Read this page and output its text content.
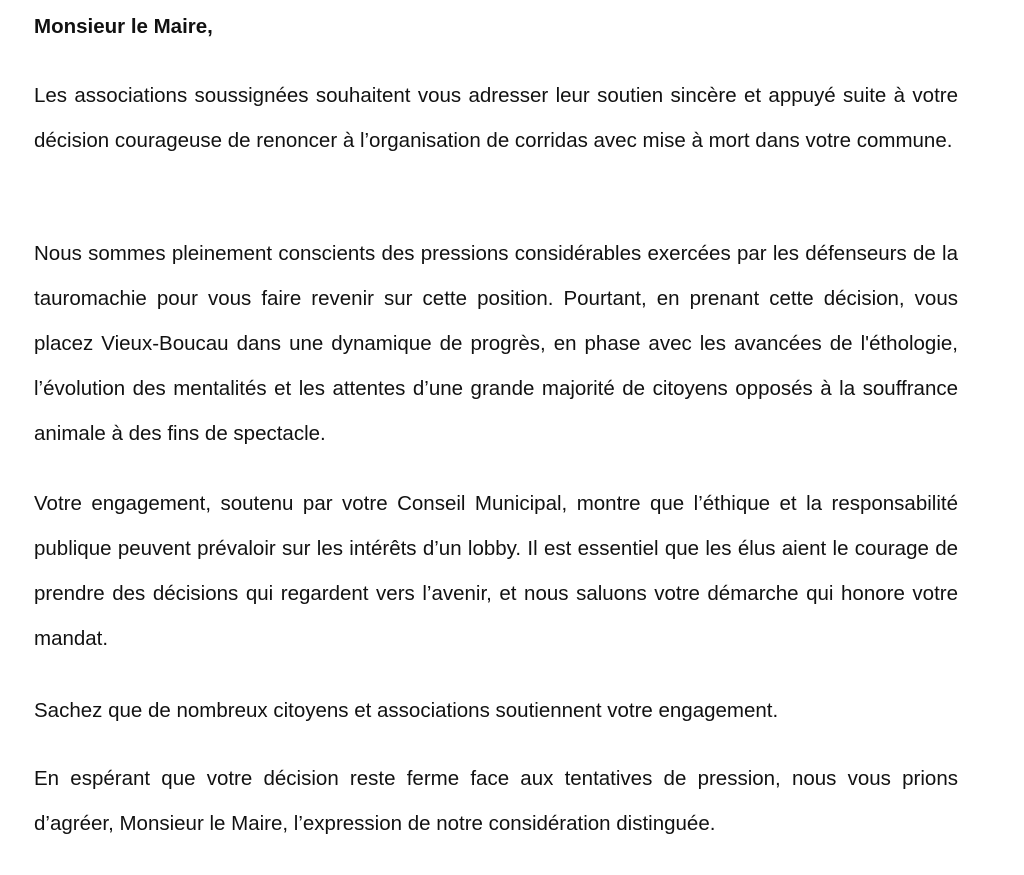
Monsieur le Maire,

Les associations soussignées souhaitent vous adresser leur soutien sincère et appuyé suite à votre décision courageuse de renoncer à l’organisation de corridas avec mise à mort dans votre commune.

Nous sommes pleinement conscients des pressions considérables exercées par les défenseurs de la tauromachie pour vous faire revenir sur cette position. Pourtant, en prenant cette décision, vous placez Vieux-Boucau dans une dynamique de progrès, en phase avec les avancées de l'éthologie, l’évolution des mentalités et les attentes d’une grande majorité de citoyens opposés à la souffrance animale à des fins de spectacle.

Votre engagement, soutenu par votre Conseil Municipal, montre que l’éthique et la responsabilité publique peuvent prévaloir sur les intérêts d’un lobby. Il est essentiel que les élus aient le courage de prendre des décisions qui regardent vers l’avenir, et nous saluons votre démarche qui honore votre mandat.

Sachez que de nombreux citoyens et associations soutiennent votre engagement.

En espérant que votre décision reste ferme face aux tentatives de pression, nous vous prions d’agréer, Monsieur le Maire, l’expression de notre considération distinguée.
